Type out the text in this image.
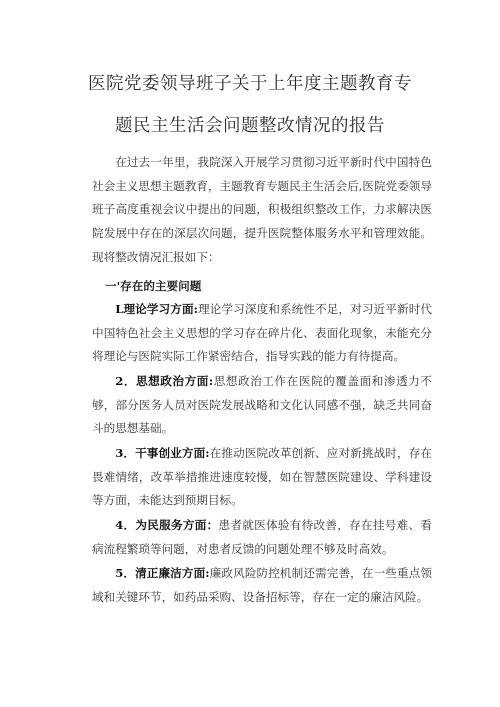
医院党委领导班子关于上年度主题教育专
题民主生活会问题整改情况的报告

在过去一年里，我院深入开展学习贯彻习近平新时代中国特色社会主义思想主题教育，主题教育专题民主生活会后,医院党委领导班子高度重视会议中提出的问题，积极组织整改工作，力求解决医院发展中存在的深层次问题，提升医院整体服务水平和管理效能。现将整改情况汇报如下：

一'存在的主要问题

L理论学习方面:理论学习深度和系统性不足，对习近平新时代中国特色社会主义思想的学习存在碎片化、表面化现象，未能充分将理论与医院实际工作紧密结合，指导实践的能力有待提高。

2．思想政治方面:思想政治工作在医院的覆盖面和渗透力不够，部分医务人员对医院发展战略和文化认同感不强，缺乏共同奋斗的思想基础。

3．干事创业方面:在推动医院改革创新、应对新挑战时，存在畏难情绪，改革举措推进速度较慢，如在智慧医院建设、学科建设等方面，未能达到预期目标。

4．为民服务方面：患者就医体验有待改善，存在挂号难、看病流程繁琐等问题，对患者反馈的问题处理不够及时高效。

5．清正廉洁方面:廉政风险防控机制还需完善，在一些重点领域和关键环节，如药品采购、设备招标等，存在一定的廉洁风险。
